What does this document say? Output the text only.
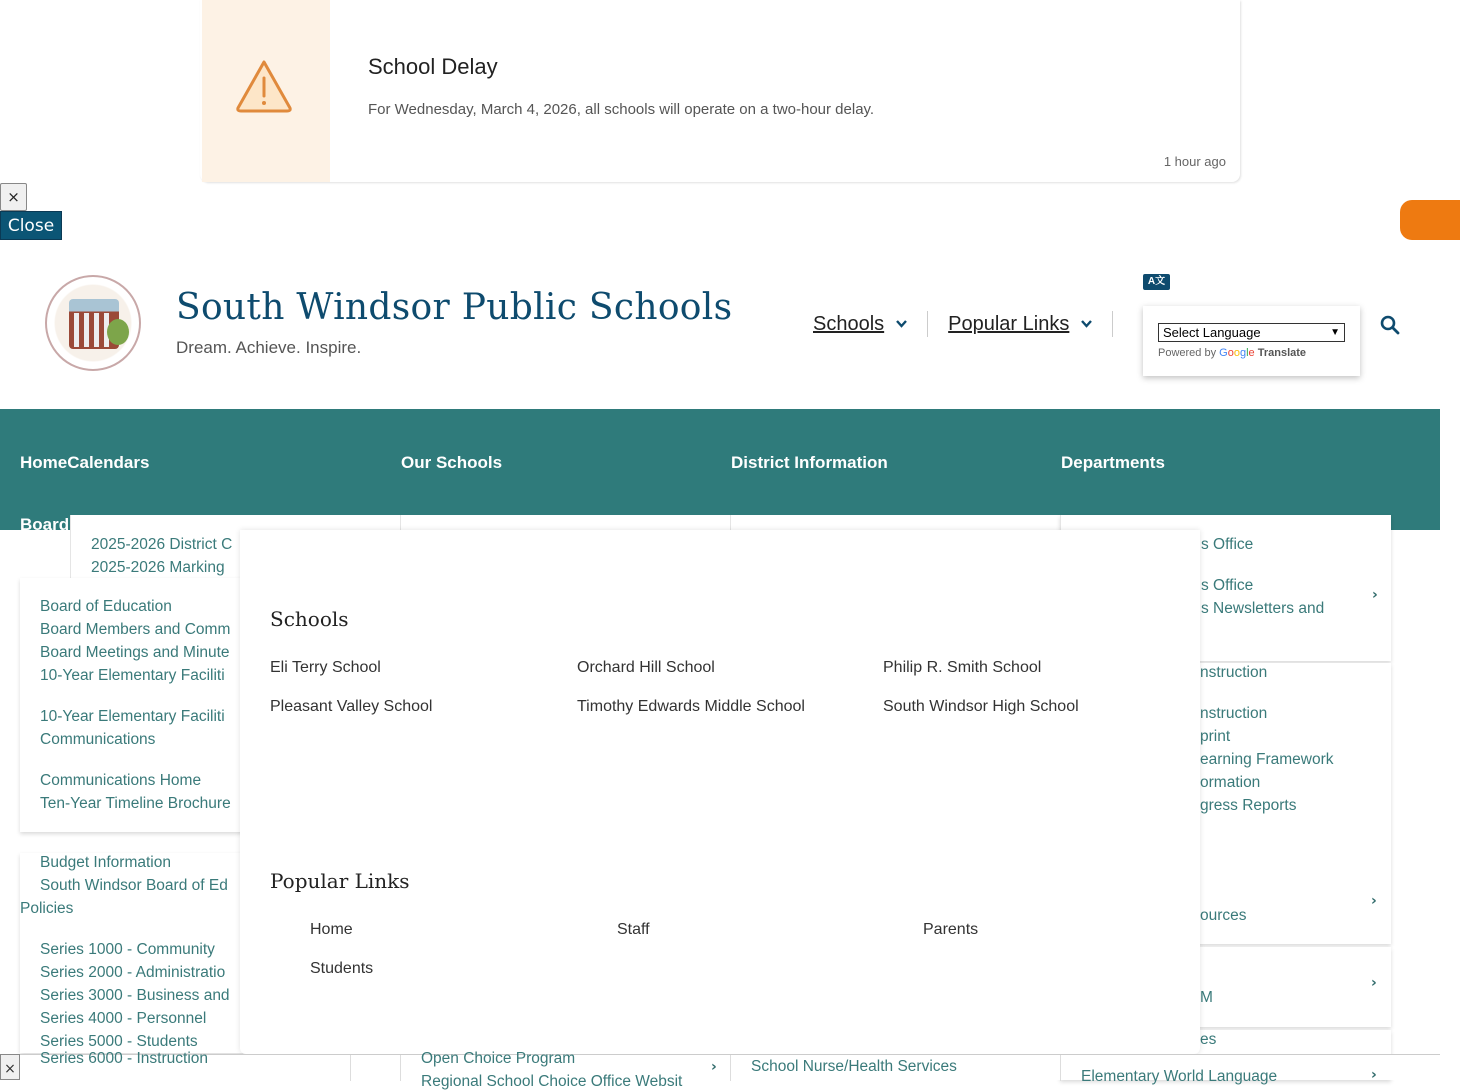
School Delay
For Wednesday, March 4, 2026, all schools will operate on a two-hour delay.
1 hour ago
×
Close
South Windsor Public Schools
Dream. Achieve. Inspire.
Schools	Popular Links
A文
Select Language	▼
Powered by Google Translate
HomeCalendars	Our Schools	District Information	Departments
Board
2025-2026 District C
2025-2026 Marking
Board of Education
Board Members and Comm
Board Meetings and Minute
10-Year Elementary Faciliti
10-Year Elementary Faciliti
Communications
Communications Home
Ten-Year Timeline Brochure
Budget Information
South Windsor Board of Ed
Policies
Series 1000 - Community
Series 2000 - Administratio
Series 3000 - Business and
Series 4000 - Personnel
Series 5000 - Students
s Office
s Office
s Newsletters and
›
nstruction
nstruction
print
earning Framework
ormation
gress Reports
ources
›
M
›
es
Schools
Eli Terry School	Orchard Hill School	Philip R. Smith School
Pleasant Valley School	Timothy Edwards Middle School	South Windsor High School
Popular Links
Home	Staff	Parents
Students
Series 6000 - Instruction	Open Choice Program
Regional School Choice Office Websit
› School Nurse/Health Services
Elementary World Language	›
×
